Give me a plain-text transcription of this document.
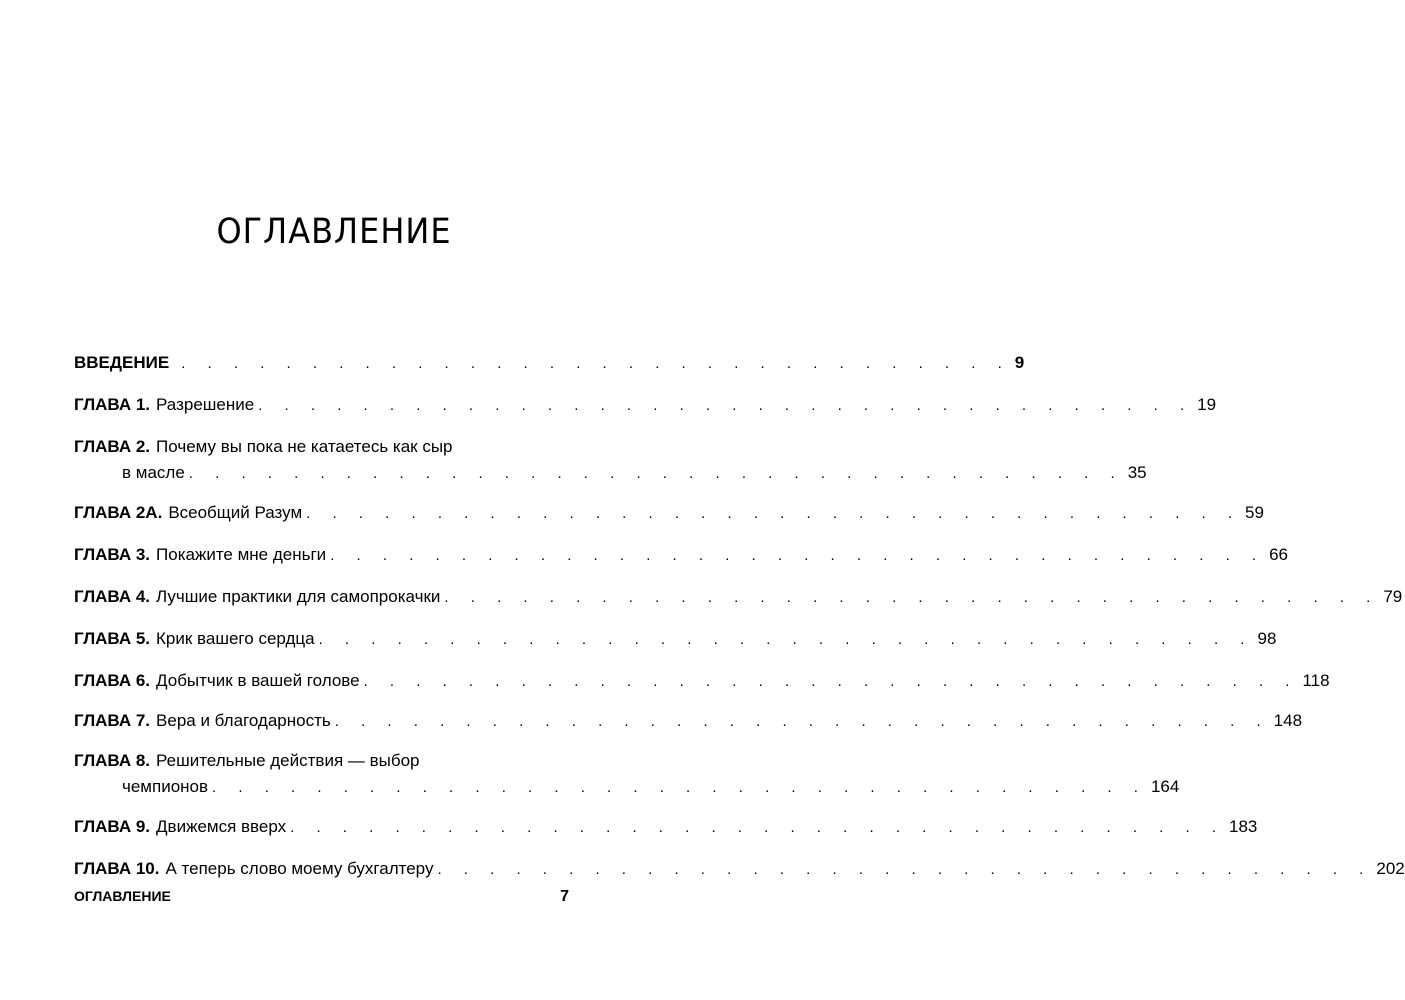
ОГЛАВЛЕНИЕ
ВВЕДЕНИЕ . . . . . . . . . . . . . . . . . . . . . . . . . . . . . . . . 9
ГЛАВА 1. Разрешение . . . . . . . . . . . . . . . . . . . . . . . . . . . . . . . . . . . . 19
ГЛАВА 2. Почему вы пока не катаетесь как сыр
в масле . . . . . . . . . . . . . . . . . . . . . . . . . . . . . . . . . . . . 35
ГЛАВА 2А. Всеобщий Разум . . . . . . . . . . . . . . . . . . . . . . . . . . . . . . . . . . . . 59
ГЛАВА 3. Покажите мне деньги . . . . . . . . . . . . . . . . . . . . . . . . . . . . . . . . . . . . 66
ГЛАВА 4. Лучшие практики для самопрокачки . . . . . . . . . . . . . . . . . . . . . . . . . . . . . . . . . . . . 79
ГЛАВА 5. Крик вашего сердца . . . . . . . . . . . . . . . . . . . . . . . . . . . . . . . . . . . . 98
ГЛАВА 6. Добытчик в вашей голове . . . . . . . . . . . . . . . . . . . . . . . . . . . . . . . . . . . . 118
ГЛАВА 7. Вера и благодарность . . . . . . . . . . . . . . . . . . . . . . . . . . . . . . . . . . . . 148
ГЛАВА 8. Решительные действия — выбор
чемпионов . . . . . . . . . . . . . . . . . . . . . . . . . . . . . . . . . . . . 164
ГЛАВА 9. Движемся вверх . . . . . . . . . . . . . . . . . . . . . . . . . . . . . . . . . . . . 183
ГЛАВА 10. А теперь слово моему бухгалтеру . . . . . . . . . . . . . . . . . . . . . . . . . . . . . . . . . . . . 202
ОГЛАВЛЕНИЕ	7
